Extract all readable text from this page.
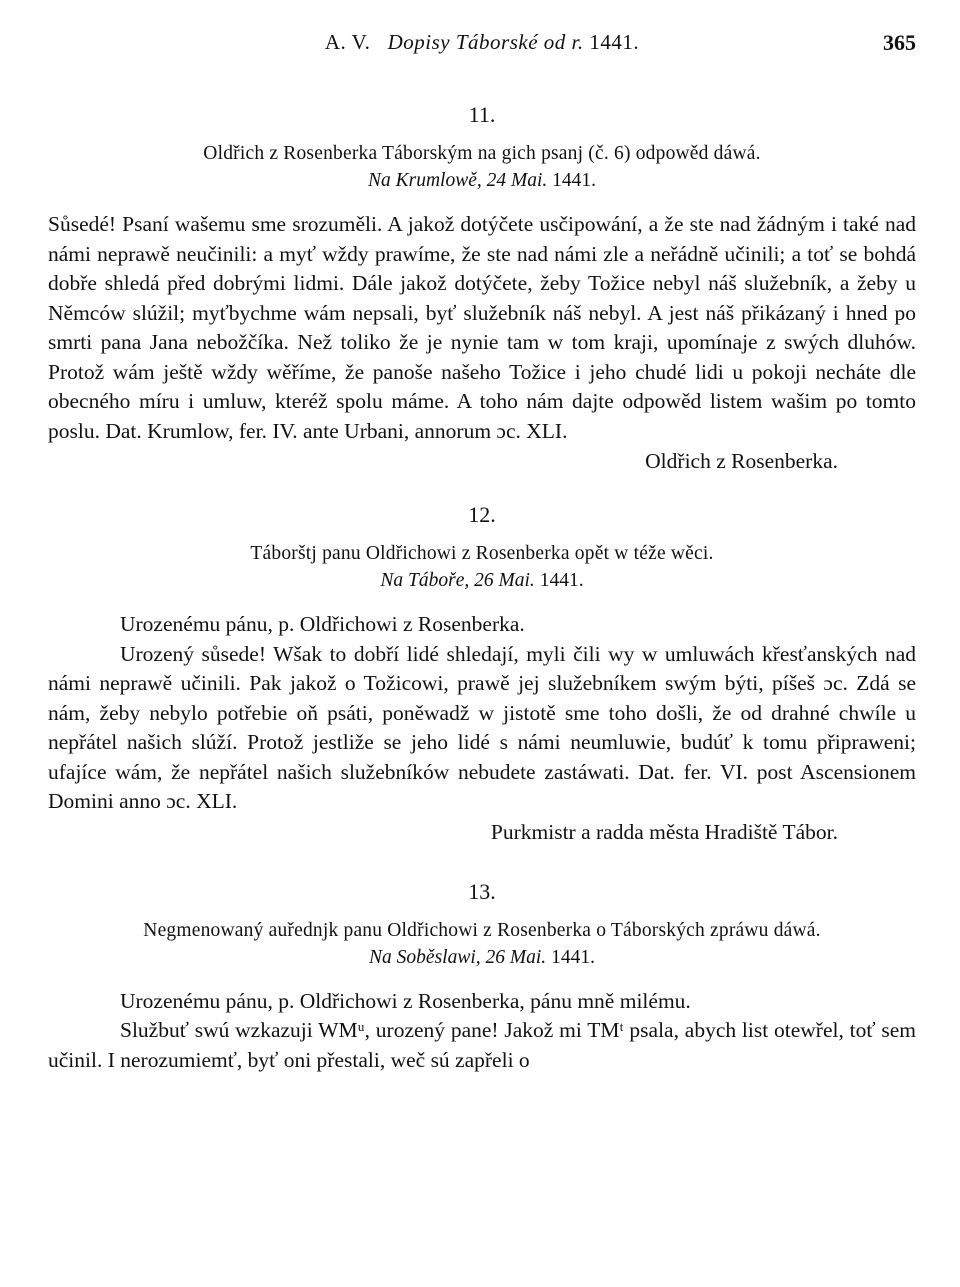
A. V. Dopisy Táborské od r. 1441.	365
11.
Oldřich z Rosenberka Táborským na gich psanj (č. 6) odpowěd dáwá.
Na Krumlowě, 24 Mai. 1441.

Sůsedé! Psaní wašemu sme srozuměli. A jakož dotýčete usčipowání, a že ste nad žádným i také nad námi neprawě neučinili: a myť wždy prawíme, že ste nad námi zle a neřádně učinili; a toť se bohdá dobře shledá před dobrými lidmi. Dále jakož dotýčete, žeby Tožice nebyl náš služebník, a žeby u Němców slúžil; myťbychme wám nepsali, byť služebník náš nebyl. A jest náš přikázaný i hned po smrti pana Jana nebožčíka. Než toliko že je nynie tam w tom kraji, upomínaje z swých dluhów. Protož wám ještě wždy wěříme, že panoše našeho Tožice i jeho chudé lidi u pokoji necháte dle obecného míru i umluw, kteréž spolu máme. A toho nám dajte odpowěd listem wašim po tomto poslu. Dat. Krumlow, fer. IV. ante Urbani, annorum ɔc. XLI.

Oldřich z Rosenberka.
12.
Táborštj panu Oldřichowi z Rosenberka opět w téže wěci.
Na Táboře, 26 Mai. 1441.
Urozenému pánu, p. Oldřichowi z Rosenberka.

Urozený sůsede! Wšak to dobří lidé shledají, myli čili wy w umluwách křesťanských nad námi neprawě učinili. Pak jakož o Tožicowi, prawě jej služebníkem swým býti, píšeš ɔc. Zdá se nám, žeby nebylo potřebie oň psáti, poněwadž w jistotě sme toho došli, že od drahné chwíle u nepřátel našich slúží. Protož jestliže se jeho lidé s námi neumluwie, budúť k tomu připraweni; ufajíce wám, že nepřátel našich služebníków nebudete zastáwati. Dat. fer. VI. post Ascensionem Domini anno ɔc. XLI.

Purkmistr a radda města Hradiště Tábor.
13.
Negmenowaný auřednjk panu Oldřichowi z Rosenberka o Táborských zpráwu dáwá.
Na Soběslawi, 26 Mai. 1441.
Urozenému pánu, p. Oldřichowi z Rosenberka, pánu mně milému.

Službuť swú wzkazuji WMᵘ, urozený pane! Jakož mi TMᵗ psala, abych list otewřel, toť sem učinil. I nerozumiemť, byť oni přestali, weč sú zapřeli o
